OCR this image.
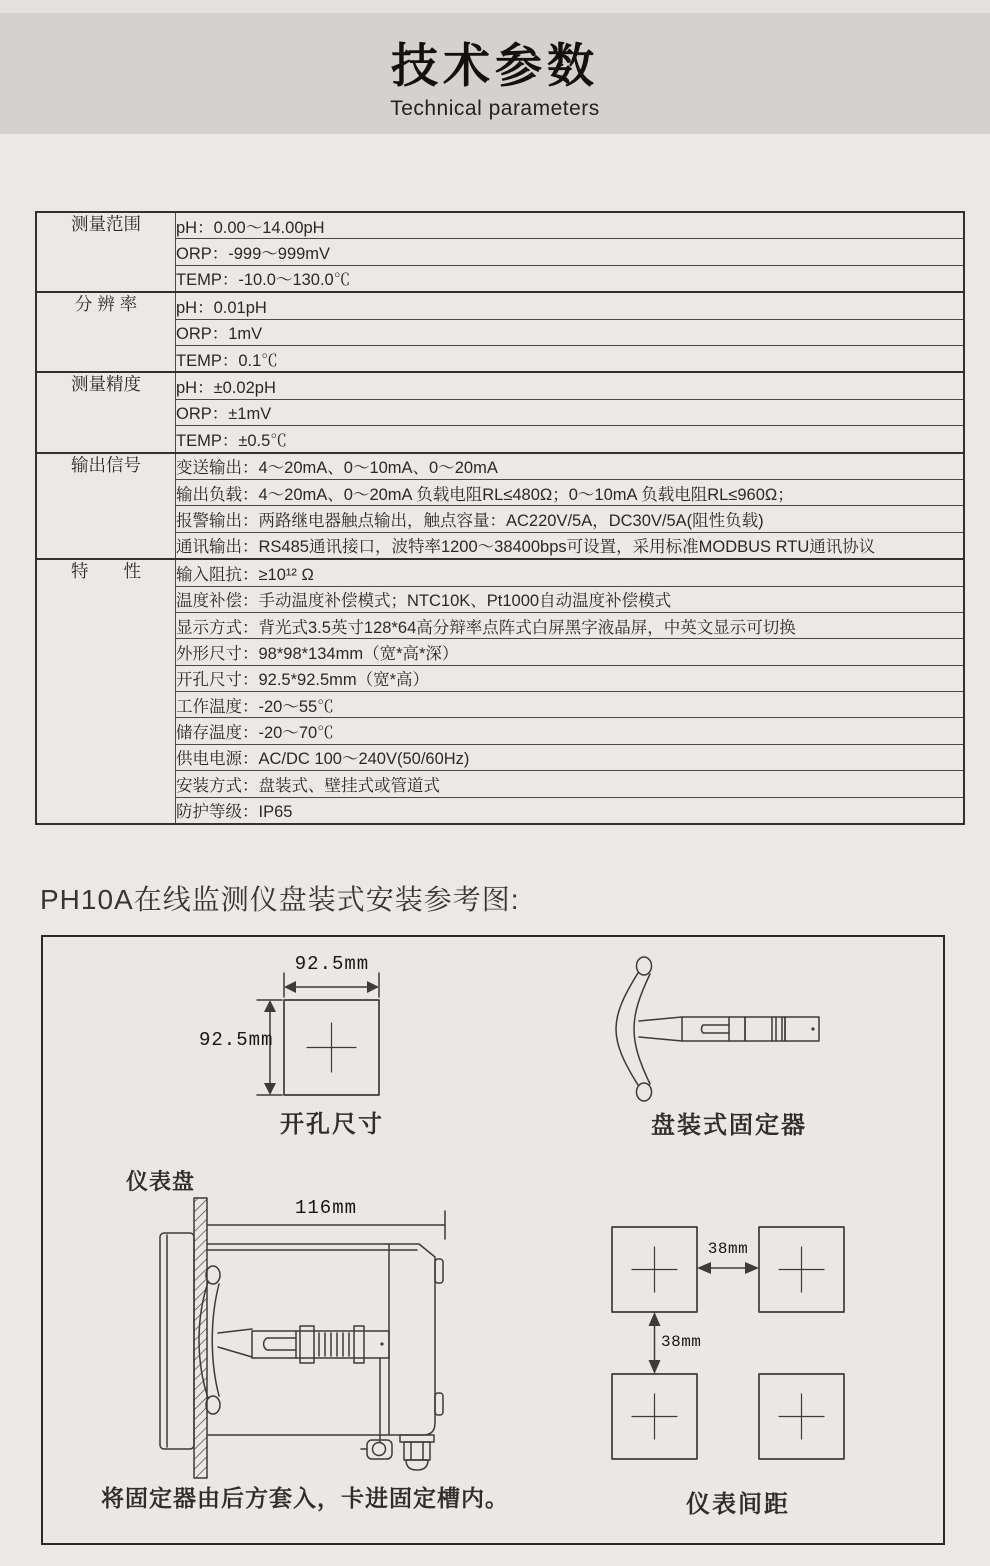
技术参数
Technical parameters
测量范围	pH：0.00～14.00pH
	ORP：-999～999mV
	TEMP：-10.0～130.0℃
分 辨 率	pH：0.01pH
	ORP：1mV
	TEMP：0.1℃
测量精度	pH：±0.02pH
	ORP：±1mV
	TEMP：±0.5℃
输出信号	变送输出：4～20mA、0～10mA、0～20mA
	输出负载：4～20mA、0～20mA 负载电阻RL≤480Ω；0～10mA 负载电阻RL≤960Ω；
	报警输出：两路继电器触点输出，触点容量：AC220V/5A，DC30V/5A(阻性负载)
	通讯输出：RS485通讯接口，波特率1200～38400bps可设置，采用标准MODBUS RTU通讯协议
特　　性	输入阻抗：≥10¹² Ω
	温度补偿：手动温度补偿模式；NTC10K、Pt1000自动温度补偿模式
	显示方式：背光式3.5英寸128*64高分辩率点阵式白屏黑字液晶屏，中英文显示可切换
	外形尺寸：98*98*134mm（宽*高*深）
	开孔尺寸：92.5*92.5mm（宽*高）
	工作温度：-20～55℃
	储存温度：-20～70℃
	供电电源：AC/DC 100～240V(50/60Hz)
	安装方式：盘装式、壁挂式或管道式
	防护等级：IP65
PH10A在线监测仪盘装式安装参考图:
92.5mm
92.5mm
开孔尺寸	盘装式固定器
仪表盘
116mm
将固定器由后方套入，卡进固定槽内。
38mm
38mm
仪表间距
